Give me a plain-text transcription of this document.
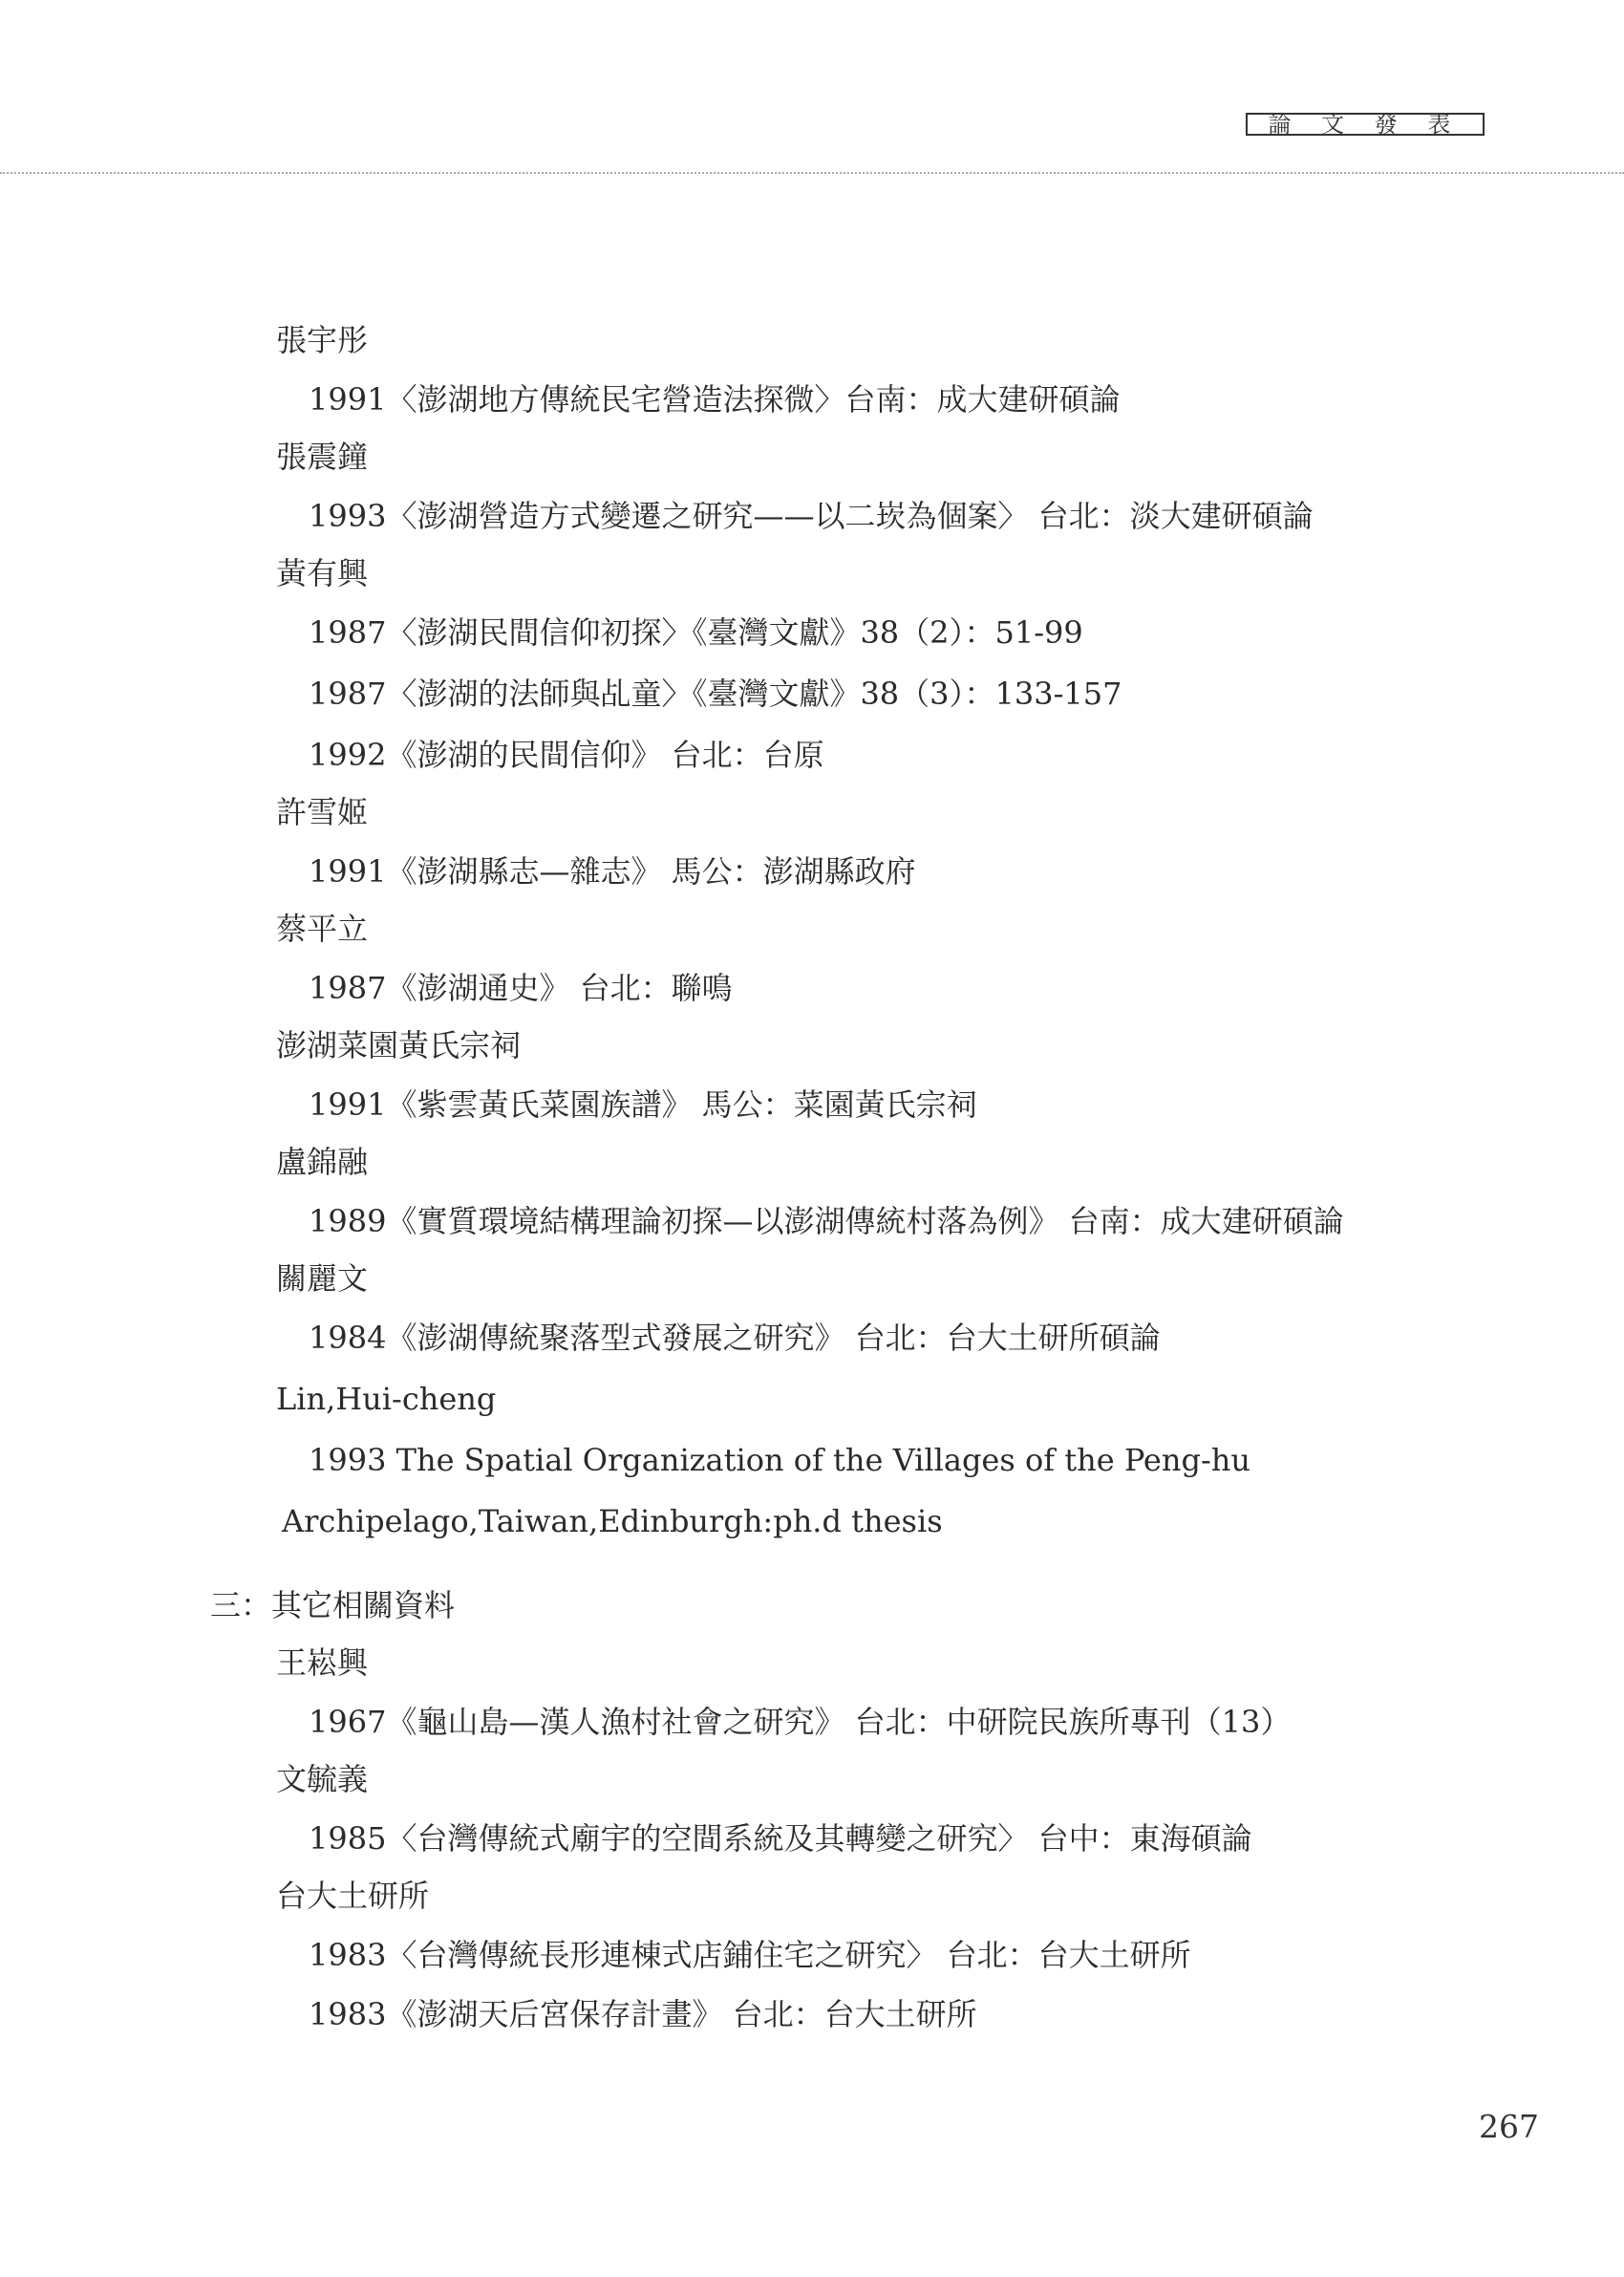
論 文 發 表
張宇彤
1991〈澎湖地方傳統民宅營造法探微〉台南：成大建研碩論
張震鐘
1993〈澎湖營造方式變遷之研究——以二崁為個案〉 台北：淡大建研碩論
黃有興
1987〈澎湖民間信仰初探〉《臺灣文獻》38（2）：51-99
1987〈澎湖的法師與乩童〉《臺灣文獻》38（3）：133-157
1992《澎湖的民間信仰》 台北：台原
許雪姬
1991《澎湖縣志—雜志》 馬公：澎湖縣政府
蔡平立
1987《澎湖通史》 台北：聯鳴
澎湖菜園黃氏宗祠
1991《紫雲黃氏菜園族譜》 馬公：菜園黃氏宗祠
盧錦融
1989《實質環境結構理論初探—以澎湖傳統村落為例》 台南：成大建研碩論
關麗文
1984《澎湖傳統聚落型式發展之研究》 台北：台大土研所碩論
Lin,Hui-cheng
1993 The Spatial Organization of the Villages of the Peng-hu
Archipelago,Taiwan,Edinburgh:ph.d thesis
三：其它相關資料
王崧興
1967《龜山島—漢人漁村社會之研究》 台北：中研院民族所專刊（13）
文毓義
1985〈台灣傳統式廟宇的空間系統及其轉變之研究〉 台中：東海碩論
台大土研所
1983〈台灣傳統長形連棟式店鋪住宅之研究〉 台北：台大土研所
1983《澎湖天后宮保存計畫》 台北：台大土研所
267
